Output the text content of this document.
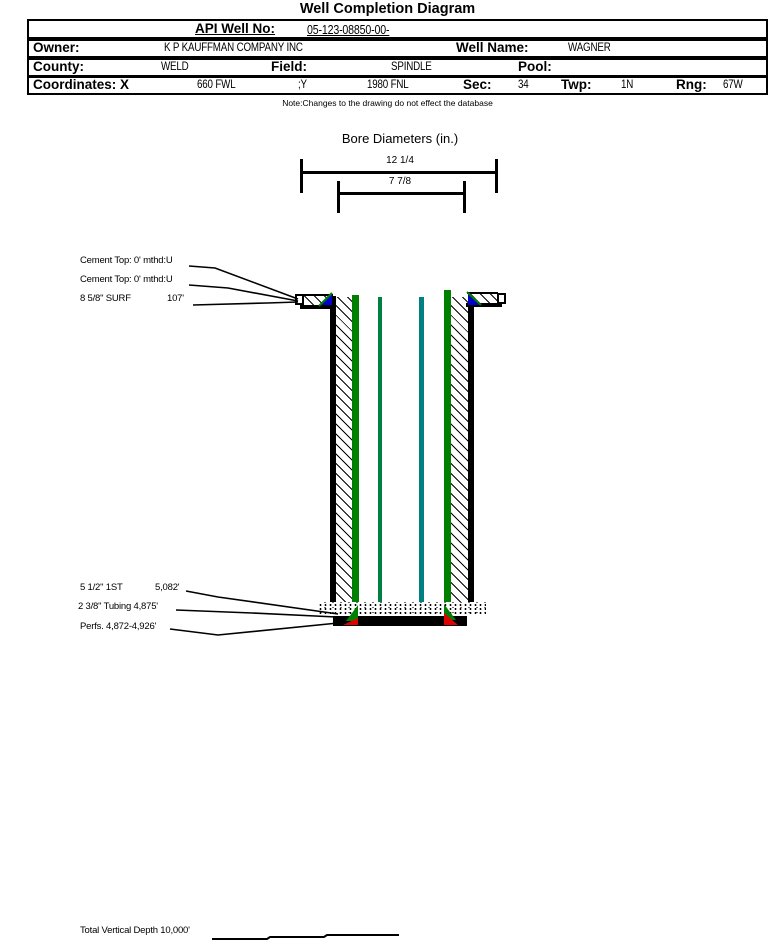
Well Completion Diagram
API Well No:	05-123-08850-00-
Owner:	K P KAUFFMAN COMPANY INC	Well Name:	WAGNER
County:	WELD	Field:	SPINDLE	Pool:
Coordinates: X	660 FWL	;Y	1980 FNL	Sec: 34 Twp:	1N	Rng: 67W
Note:Changes to the drawing do not effect the database
Bore Diameters (in.)
12 1/4
7 7/8
Cement Top: 0' mthd:U
Cement Top: 0' mthd:U
8 5/8" SURF	107'
5 1/2" 1ST	5,082'
2 3/8" Tubing 4,875'
Perfs. 4,872-4,926'
Total Vertical Depth 10,000'
